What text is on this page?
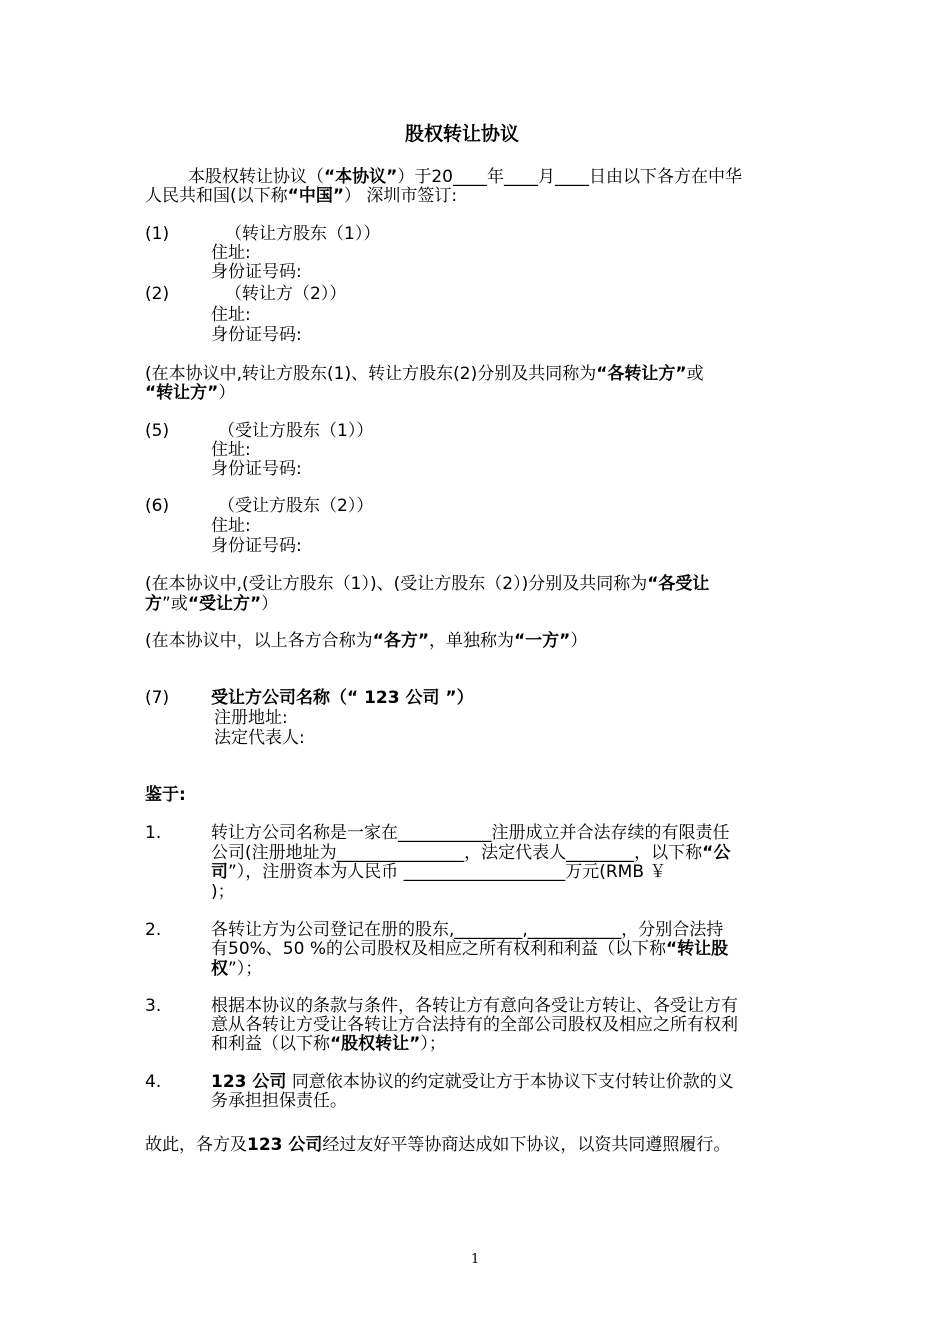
股权转让协议
本股权转让协议（“本协议”）于20____年____月____日由以下各方在中华
人民共和国(以下称“中国”） 深圳市签订:
(1)	（转让方股东（1））
住址:
身份证号码:
(2)	（转让方（2））
住址:
身份证号码:
(在本协议中,转让方股东(1)、转让方股东(2)分别及共同称为“各转让方”或
“转让方”）
(5)	（受让方股东（1））
住址:
身份证号码:
(6)	（受让方股东（2））
住址:
身份证号码:
(在本协议中,(受让方股东（1）)、(受让方股东（2）)分别及共同称为“各受让
方”或“受让方”）
(在本协议中，以上各方合称为“各方”，单独称为“一方”）
(7) 受让方公司名称（“ 123 公司 ”）
注册地址:
法定代表人:
鉴于:
1.	转让方公司名称是一家在___________注册成立并合法存续的有限责任
公司(注册地址为_______________，法定代表人________，以下称“公
司”），注册资本为人民币 ___________________万元(RMB ￥
)；
2.	各转让方为公司登记在册的股东,________,___________，分别合法持
有50%、50 %的公司股权及相应之所有权利和利益（以下称“转让股
权”）；
3.	根据本协议的条款与条件，各转让方有意向各受让方转让、各受让方有
意从各转让方受让各转让方合法持有的全部公司股权及相应之所有权利
和利益（以下称“股权转让”）；
4.	123 公司 同意依本协议的约定就受让方于本协议下支付转让价款的义
务承担担保责任。
故此，各方及123 公司经过友好平等协商达成如下协议，以资共同遵照履行。
1
